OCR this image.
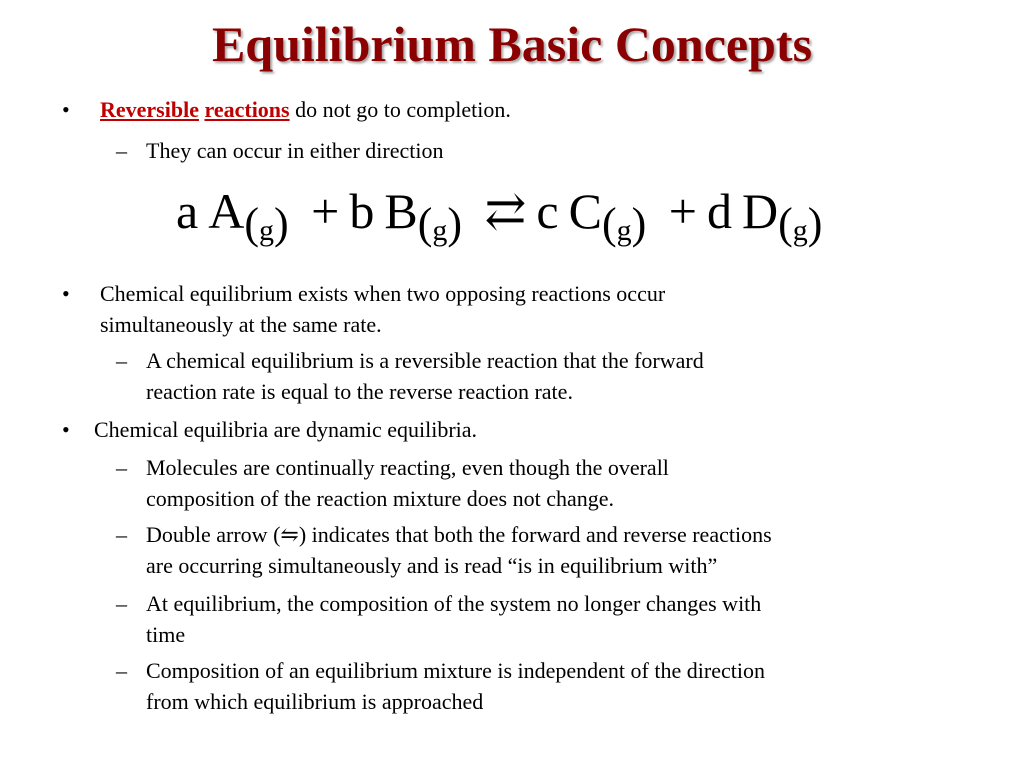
Equilibrium Basic Concepts
• Reversible reactions do not go to completion.
– They can occur in either direction
a $A(_g) + b$ $B(_g)$ ⇄ c $C(_g) + d$ $D(_g)$
• Chemical equilibrium exists when two opposing reactions occur
simultaneously at the same rate.
– A chemical equilibrium is a reversible reaction that the forward
reaction rate is equal to the reverse reaction rate.
• Chemical equilibria are dynamic equilibria.
– Molecules are continually reacting, even though the overall
composition of the reaction mixture does not change.
– Double arrow (⇋) indicates that both the forward and reverse reactions
are occurring simultaneously and is read “is in equilibrium with”
– At equilibrium, the composition of the system no longer changes with
time
– Composition of an equilibrium mixture is independent of the direction
from which equilibrium is approached
